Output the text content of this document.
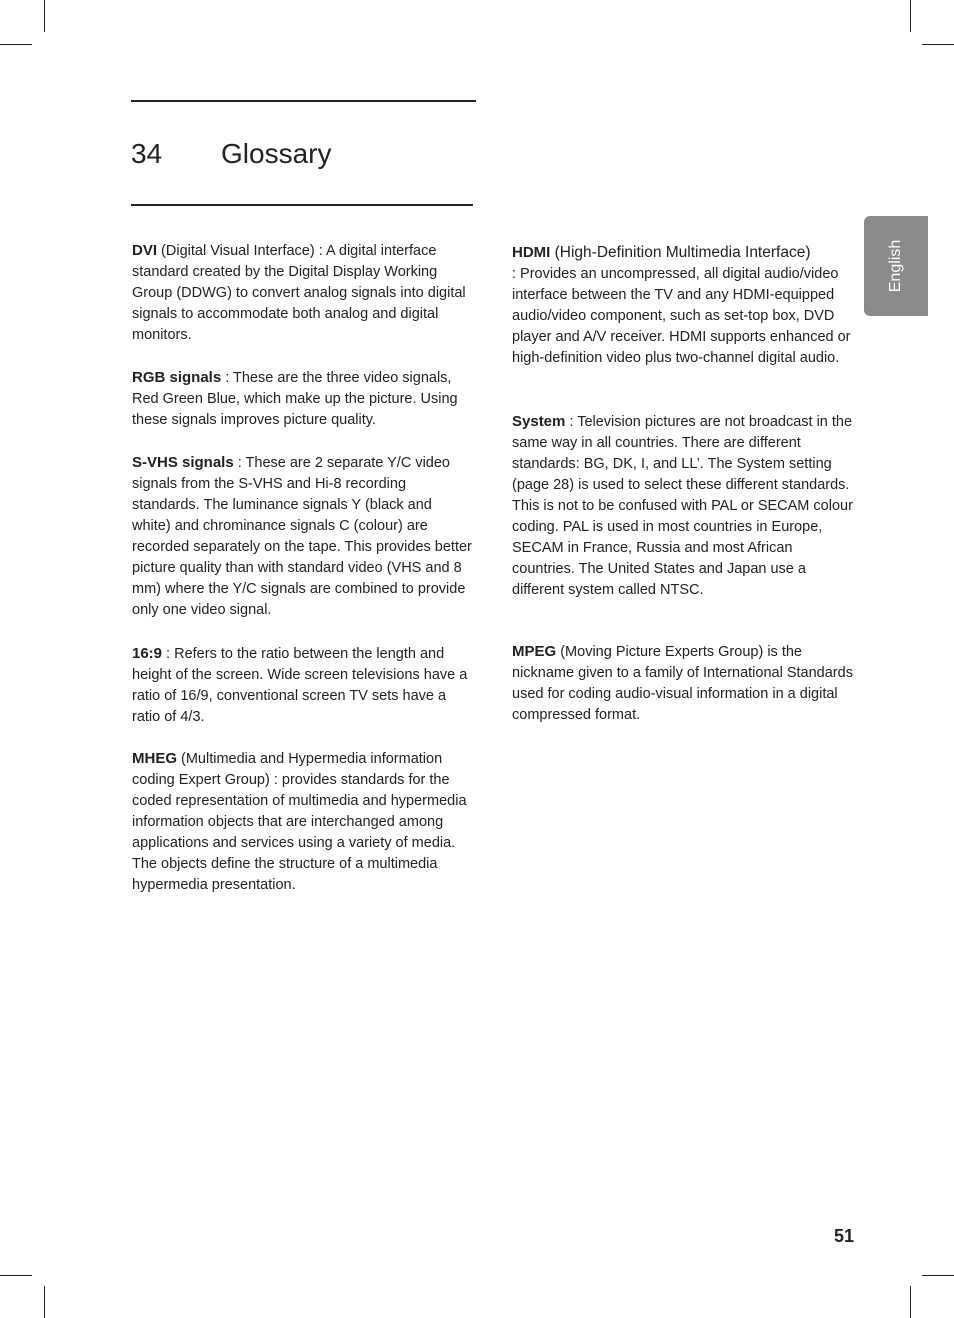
34 Glossary
English

DVI (Digital Visual Interface) : A digital interface standard created by the Digital Display Working Group (DDWG) to convert analog signals into digital signals to accommodate both analog and digital monitors.

RGB signals : These are the three video signals, Red Green Blue, which make up the picture. Using these signals improves picture quality.

S-VHS signals : These are 2 separate Y/C video signals from the S-VHS and Hi-8 recording standards. The luminance signals Y (black and white) and chrominance signals C (colour) are recorded separately on the tape. This provides better picture quality than with standard video (VHS and 8 mm) where the Y/C signals are combined to provide only one video signal.

16:9 : Refers to the ratio between the length and height of the screen. Wide screen televisions have a ratio of 16/9, conventional screen TV sets have a ratio of 4/3.

MHEG (Multimedia and Hypermedia information coding Expert Group) : provides standards for the coded representation of multimedia and hypermedia information objects that are interchanged among applications and services using a variety of media. The objects define the structure of a multimedia hypermedia presentation.

HDMI (High-Definition Multimedia Interface)
: Provides an uncompressed, all digital audio/video interface between the TV and any HDMI-equipped audio/video component, such as set-top box, DVD player and A/V receiver. HDMI supports enhanced or high-definition video plus two-channel digital audio.

System : Television pictures are not broadcast in the same way in all countries. There are different standards: BG, DK, I, and LL’. The System setting (page 28) is used to select these different standards. This is not to be confused with PAL or SECAM colour coding. PAL is used in most countries in Europe, SECAM in France, Russia and most African countries. The United States and Japan use a different system called NTSC.

MPEG (Moving Picture Experts Group) is the nickname given to a family of International Standards used for coding audio-visual information in a digital compressed format.

51
